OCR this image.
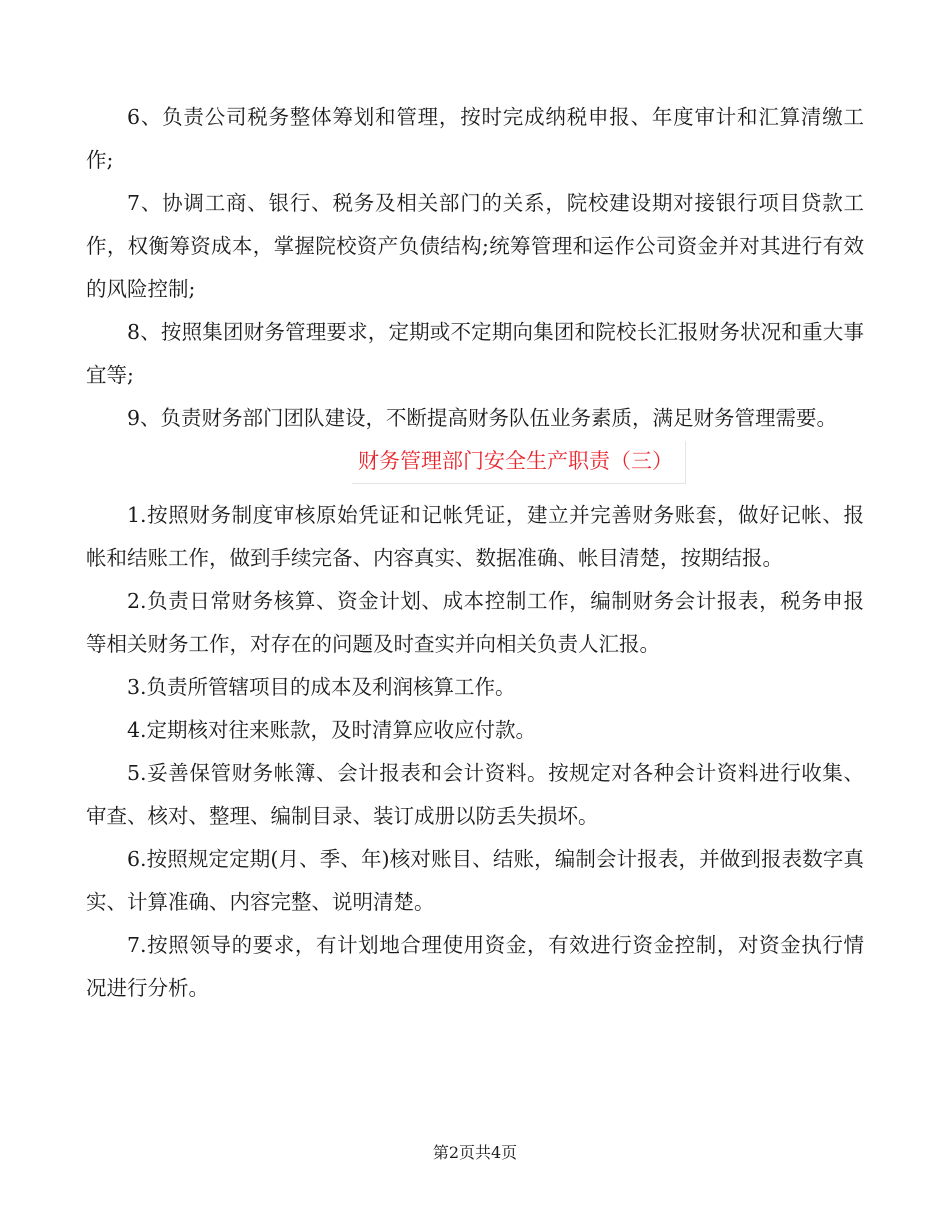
6、负责公司税务整体筹划和管理，按时完成纳税申报、年度审计和汇算清缴工作;

7、协调工商、银行、税务及相关部门的关系，院校建设期对接银行项目贷款工作，权衡筹资成本，掌握院校资产负债结构;统筹管理和运作公司资金并对其进行有效的风险控制;

8、按照集团财务管理要求，定期或不定期向集团和院校长汇报财务状况和重大事宜等;

9、负责财务部门团队建设，不断提高财务队伍业务素质，满足财务管理需要。

财务管理部门安全生产职责（三）

1.按照财务制度审核原始凭证和记帐凭证，建立并完善财务账套，做好记帐、报帐和结账工作，做到手续完备、内容真实、数据准确、帐目清楚，按期结报。

2.负责日常财务核算、资金计划、成本控制工作，编制财务会计报表，税务申报等相关财务工作，对存在的问题及时查实并向相关负责人汇报。

3.负责所管辖项目的成本及利润核算工作。

4.定期核对往来账款，及时清算应收应付款。

5.妥善保管财务帐簿、会计报表和会计资料。按规定对各种会计资料进行收集、审查、核对、整理、编制目录、装订成册以防丢失损坏。

6.按照规定定期(月、季、年)核对账目、结账，编制会计报表，并做到报表数字真实、计算准确、内容完整、说明清楚。

7.按照领导的要求，有计划地合理使用资金，有效进行资金控制，对资金执行情况进行分析。

第2页共4页
